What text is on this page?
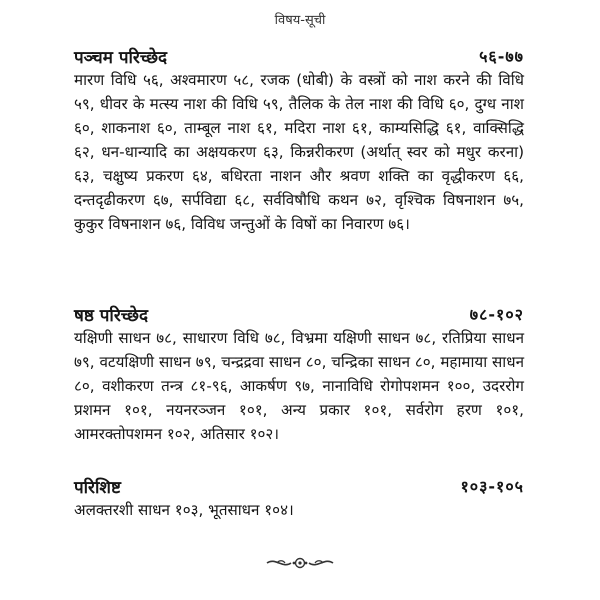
विषय-सूची
पञ्चम परिच्छेद	५६-७७

मारण विधि ५६, अश्वमारण ५८, रजक (धोबी) के वस्त्रों को नाश करने की विधि ५९, धीवर के मत्स्य नाश की विधि ५९, तैलिक के तेल नाश की विधि ६०, दुग्ध नाश ६०, शाकनाश ६०, ताम्बूल नाश ६१, मदिरा नाश ६१, काम्यसिद्धि ६१, वाक्सिद्धि ६२, धन-धान्यादि का अक्षयकरण ६३, किन्नरीकरण (अर्थात् स्वर को मधुर करना) ६३, चक्षुष्य प्रकरण ६४, बधिरता नाशन और श्रवण शक्ति का वृद्धीकरण ६६, दन्तदृढीकरण ६७, सर्पविद्या ६८, सर्वविषौधि कथन ७२, वृश्चिक विषनाशन ७५, कुकुर विषनाशन ७६, विविध जन्तुओं के विषों का निवारण ७६।

षष्ठ परिच्छेद	७८-१०२

यक्षिणी साधन ७८, साधारण विधि ७८, विभ्रमा यक्षिणी साधन ७८, रतिप्रिया साधन ७९, वटयक्षिणी साधन ७९, चन्द्रद्रवा साधन ८०, चन्द्रिका साधन ८०, महामाया साधन ८०, वशीकरण तन्त्र ८१-९६, आकर्षण ९७, नानाविधि रोगोपशमन १००, उदररोग प्रशमन १०१, नयनरञ्जन १०१, अन्य प्रकार १०१, सर्वरोग हरण १०१, आमरक्तोपशमन १०२, अतिसार १०२।

परिशिष्ट	१०३-१०५

अलक्तरशी साधन १०३, भूतसाधन १०४।
